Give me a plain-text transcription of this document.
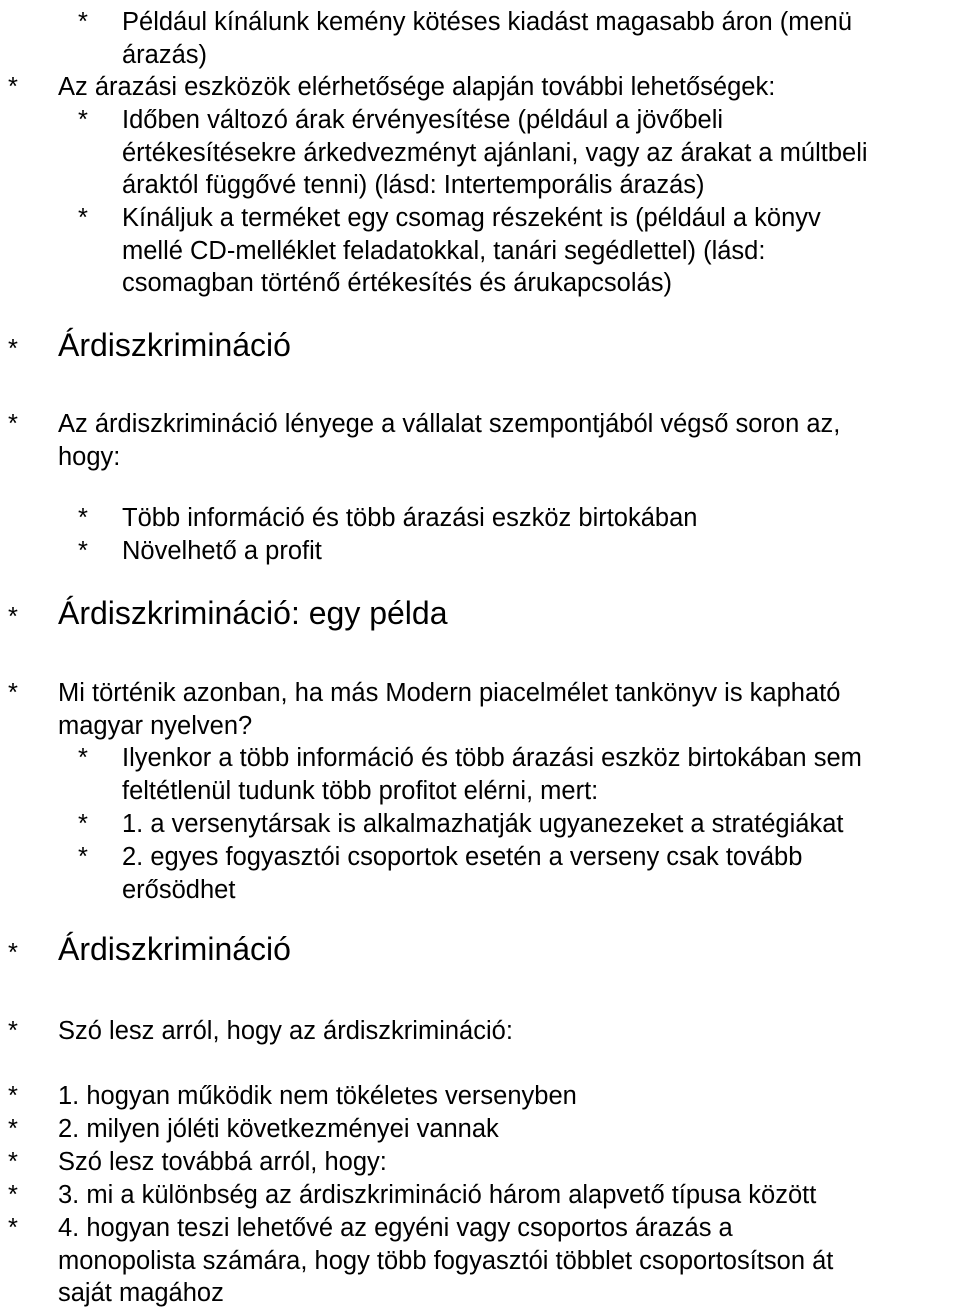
* Például kínálunk kemény kötéses kiadást magasabb áron (menü
árazás)
* Az árazási eszközök elérhetősége alapján további lehetőségek:
* Időben változó árak érvényesítése (például a jövőbeli
értékesítésekre árkedvezményt ajánlani, vagy az árakat a múltbeli
áraktól függővé tenni) (lásd: Intertemporális árazás)
* Kínáljuk a terméket egy csomag részeként is (például a könyv
mellé CD-melléklet feladatokkal, tanári segédlettel) (lásd:
csomagban történő értékesítés és árukapcsolás)
* Árdiszkrimináció
* Az árdiszkrimináció lényege a vállalat szempontjából végső soron az,
hogy:
* Több információ és több árazási eszköz birtokában
* Növelhető a profit
* Árdiszkrimináció: egy példa
* Mi történik azonban, ha más Modern piacelmélet tankönyv is kapható
magyar nyelven?
* Ilyenkor a több információ és több árazási eszköz birtokában sem
feltétlenül tudunk több profitot elérni, mert:
* 1. a versenytársak is alkalmazhatják ugyanezeket a stratégiákat
* 2. egyes fogyasztói csoportok esetén a verseny csak tovább
erősödhet
* Árdiszkrimináció
* Szó lesz arról, hogy az árdiszkrimináció:
* 1. hogyan működik nem tökéletes versenyben
* 2. milyen jóléti következményei vannak
* Szó lesz továbbá arról, hogy:
* 3. mi a különbség az árdiszkrimináció három alapvető típusa között
* 4. hogyan teszi lehetővé az egyéni vagy csoportos árazás a
monopolista számára, hogy több fogyasztói többlet csoportosítson át
saját magához
